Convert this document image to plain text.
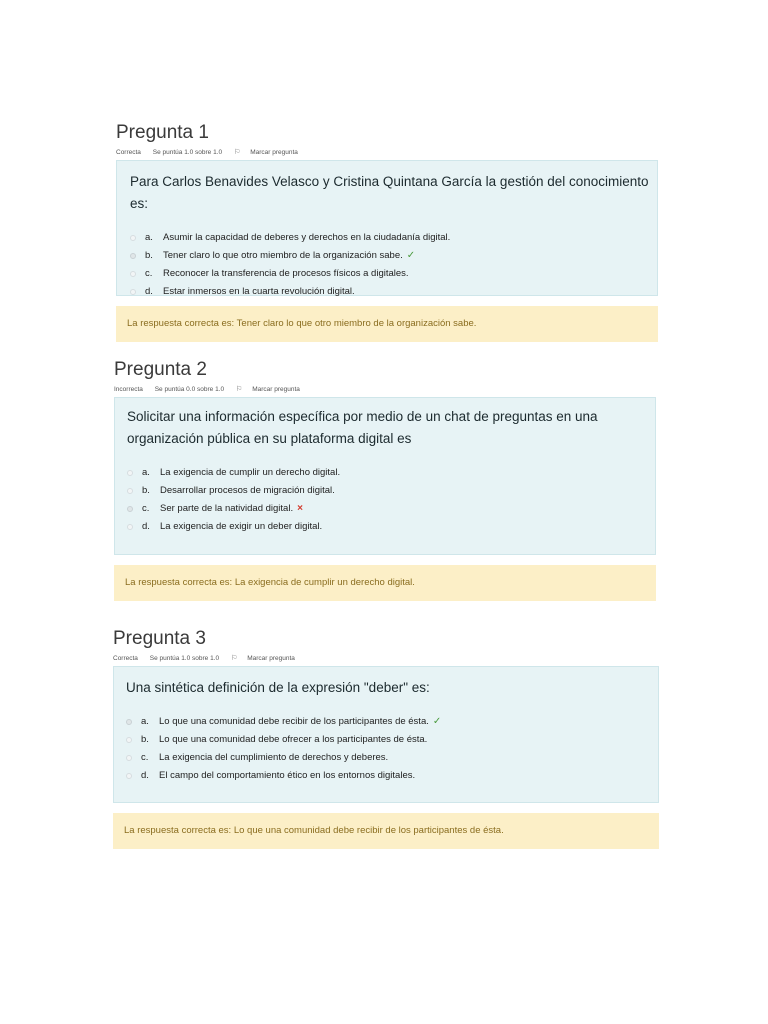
Pregunta 1
Correcta Se puntúa 1.0 sobre 1.0 ⚐ Marcar pregunta
Para Carlos Benavides Velasco y Cristina Quintana García la gestión del conocimiento es:
a.	Asumir la capacidad de deberes y derechos en la ciudadanía digital.
b.	Tener claro lo que otro miembro de la organización sabe. ✓
c.	Reconocer la transferencia de procesos físicos a digitales.
d.	Estar inmersos en la cuarta revolución digital.
La respuesta correcta es: Tener claro lo que otro miembro de la organización sabe.
Pregunta 2
Incorrecta Se puntúa 0.0 sobre 1.0 ⚐ Marcar pregunta
Solicitar una información específica por medio de un chat de preguntas en una
organización pública en su plataforma digital es
a.	La exigencia de cumplir un derecho digital.
b.	Desarrollar procesos de migración digital.
c.	Ser parte de la natividad digital. ×
d.	La exigencia de exigir un deber digital.
La respuesta correcta es: La exigencia de cumplir un derecho digital.
Pregunta 3
Correcta Se puntúa 1.0 sobre 1.0 ⚐ Marcar pregunta
Una sintética definición de la expresión "deber" es:
a.	Lo que una comunidad debe recibir de los participantes de ésta. ✓
b.	Lo que una comunidad debe ofrecer a los participantes de ésta.
c.	La exigencia del cumplimiento de derechos y deberes.
d.	El campo del comportamiento ético en los entornos digitales.
La respuesta correcta es: Lo que una comunidad debe recibir de los participantes de ésta.
